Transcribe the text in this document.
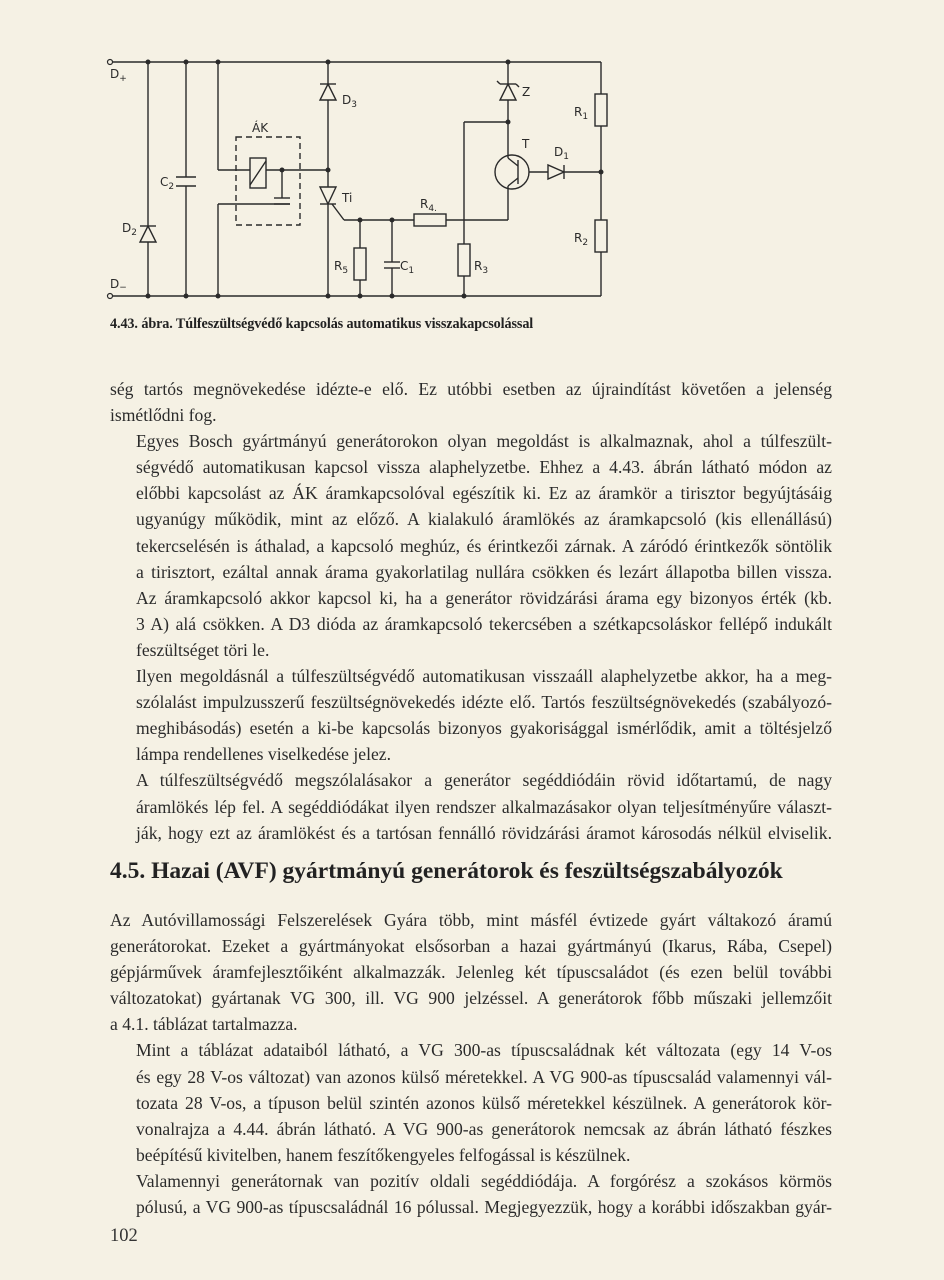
$D_+$
D−
$D_2$
$C_2$
ÁK
$D_3$
Ti	$R_{4.}$
$R_5$	$C_1$	$R_3$
Z
T
$D_1$
$R_1$
$R_2$
4.43. ábra. Túlfeszültségvédő kapcsolás automatikus visszakapcsolással

ség tartós megnövekedése idézte-e elő. Ez utóbbi esetben az újraindítást követően a jelenség
ismétlődni fog.

Egyes Bosch gyártmányú generátorokon olyan megoldást is alkalmaznak, ahol a túlfeszült-
ségvédő automatikusan kapcsol vissza alaphelyzetbe. Ehhez a 4.43. ábrán látható módon az
előbbi kapcsolást az ÁK áramkapcsolóval egészítik ki. Ez az áramkör a tirisztor begyújtásáig
ugyanúgy működik, mint az előző. A kialakuló áramlökés az áramkapcsoló (kis ellenállású)
tekercselésén is áthalad, a kapcsoló meghúz, és érintkezői zárnak. A záródó érintkezők söntölik
a tirisztort, ezáltal annak árama gyakorlatilag nullára csökken és lezárt állapotba billen vissza.
Az áramkapcsoló akkor kapcsol ki, ha a generátor rövidzárási árama egy bizonyos érték (kb.
3 A) alá csökken. A D3 dióda az áramkapcsoló tekercsében a szétkapcsoláskor fellépő indukált
feszültséget töri le.

Ilyen megoldásnál a túlfeszültségvédő automatikusan visszaáll alaphelyzetbe akkor, ha a meg-
szólalást impulzusszerű feszültségnövekedés idézte elő. Tartós feszültségnövekedés (szabályozó-
meghibásodás) esetén a ki-be kapcsolás bizonyos gyakorisággal ismérlődik, amit a töltésjelző
lámpa rendellenes viselkedése jelez.

A túlfeszültségvédő megszólalásakor a generátor segéddiódáin rövid időtartamú, de nagy
áramlökés lép fel. A segéddiódákat ilyen rendszer alkalmazásakor olyan teljesítményűre választ-
ják, hogy ezt az áramlökést és a tartósan fennálló rövidzárási áramot károsodás nélkül elviselik.

4.5. Hazai (AVF) gyártmányú generátorok és feszültségszabályozók

Az Autóvillamossági Felszerelések Gyára több, mint másfél évtizede gyárt váltakozó áramú
generátorokat. Ezeket a gyártmányokat elsősorban a hazai gyártmányú (Ikarus, Rába, Csepel)
gépjárművek áramfejlesztőiként alkalmazzák. Jelenleg két típuscsaládot (és ezen belül további
változatokat) gyártanak VG 300, ill. VG 900 jelzéssel. A generátorok főbb műszaki jellemzőit
a 4.1. táblázat tartalmazza.

Mint a táblázat adataiból látható, a VG 300-as típuscsaládnak két változata (egy 14 V-os
és egy 28 V-os változat) van azonos külső méretekkel. A VG 900-as típuscsalád valamennyi vál-
tozata 28 V-os, a típuson belül szintén azonos külső méretekkel készülnek. A generátorok kör-
vonalrajza a 4.44. ábrán látható. A VG 900-as generátorok nemcsak az ábrán látható fészkes
beépítésű kivitelben, hanem feszítőkengyeles felfogással is készülnek.

Valamennyi generátornak van pozitív oldali segéddiódája. A forgórész a szokásos körmös
pólusú, a VG 900-as típuscsaládnál 16 pólussal. Megjegyezzük, hogy a korábbi időszakban gyár-

102
